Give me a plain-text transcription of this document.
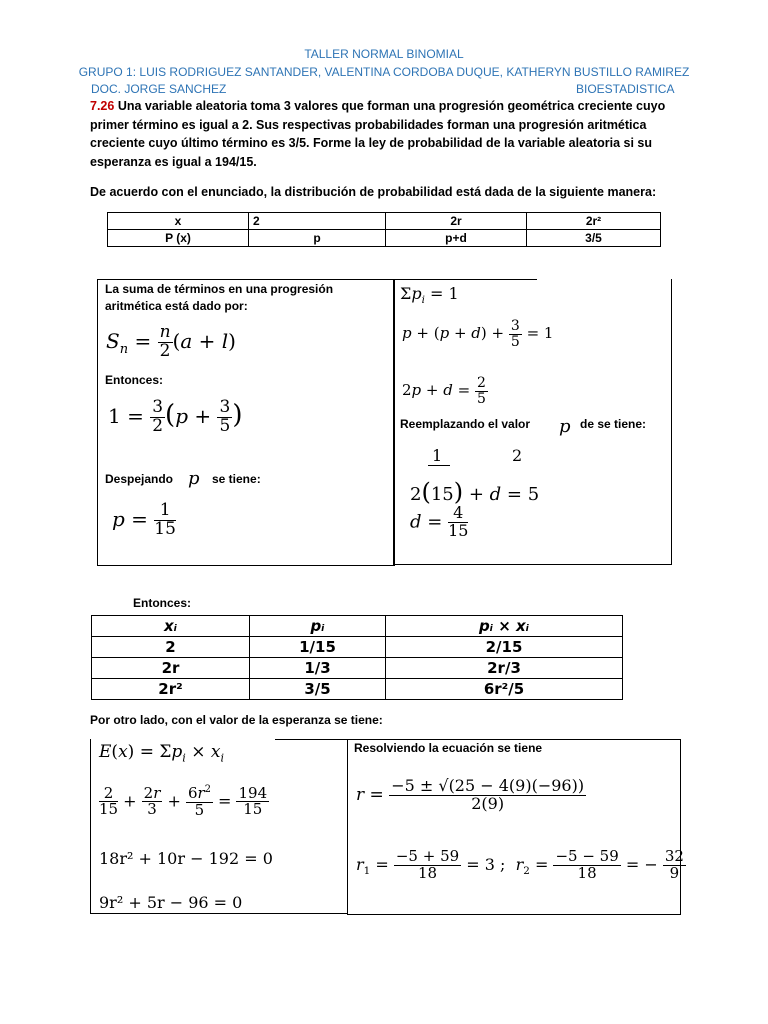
TALLER NORMAL BINOMIAL
GRUPO 1: LUIS RODRIGUEZ SANTANDER, VALENTINA CORDOBA DUQUE, KATHERYN BUSTILLO RAMIREZ
DOC. JORGE SANCHEZ	BIOESTADISTICA
7.26 Una variable aleatoria toma 3 valores que forman una progresión geométrica creciente cuyo primer término es igual a 2. Sus respectivas probabilidades forman una progresión aritmética creciente cuyo último término es 3/5. Forme la ley de probabilidad de la variable aleatoria si su esperanza es igual a 194/15.
De acuerdo con el enunciado, la distribución de probabilidad está dada de la siguiente manera:
x	2	2r	2r²
P (x)	p	p+d	3/5
La suma de términos en una progresión aritmética está dado por:
$S_n = \frac{n}{2} (a + l)$
Entonces:
$1 = \frac{3}{2} (p + \frac{3}{5}$ )
Despejando p se tiene:
$p = \frac{1}{15}$
$\Sigma p_i = 1$
$p + (p + d) + \frac{3}{5} = 1$
$2p + d = \frac{2}{5}$
Reemplazando el valor p de se tiene:
1	2
2(15) + d = 5
$d = \frac{4}{15}$
Entonces:
xᵢ	pᵢ	pᵢ × xᵢ
2	1/15	2/15
2r	1/3	2r/3
2r²	3/5	6r²/5
Por otro lado, con el valor de la esperanza se tiene:
$E(x) = \Sigma p_i \times x_i$
$\frac{2}{15} + \frac{2r}{3} + \frac{6r^2}{5} = \frac{194}{15}$
18r² + 10r − 192 = 0
9r² + 5r − 96 = 0
Resolviendo la ecuación se tiene
$r = \frac{-5 \pm √(25 - 4(9)(-96))}{2(9)}$
$r_1 = \frac{-5 + 59}{18} = 3$ ;  $r_2 = \frac{-5 - 59}{18}$ = − $\frac{32}{9}$
